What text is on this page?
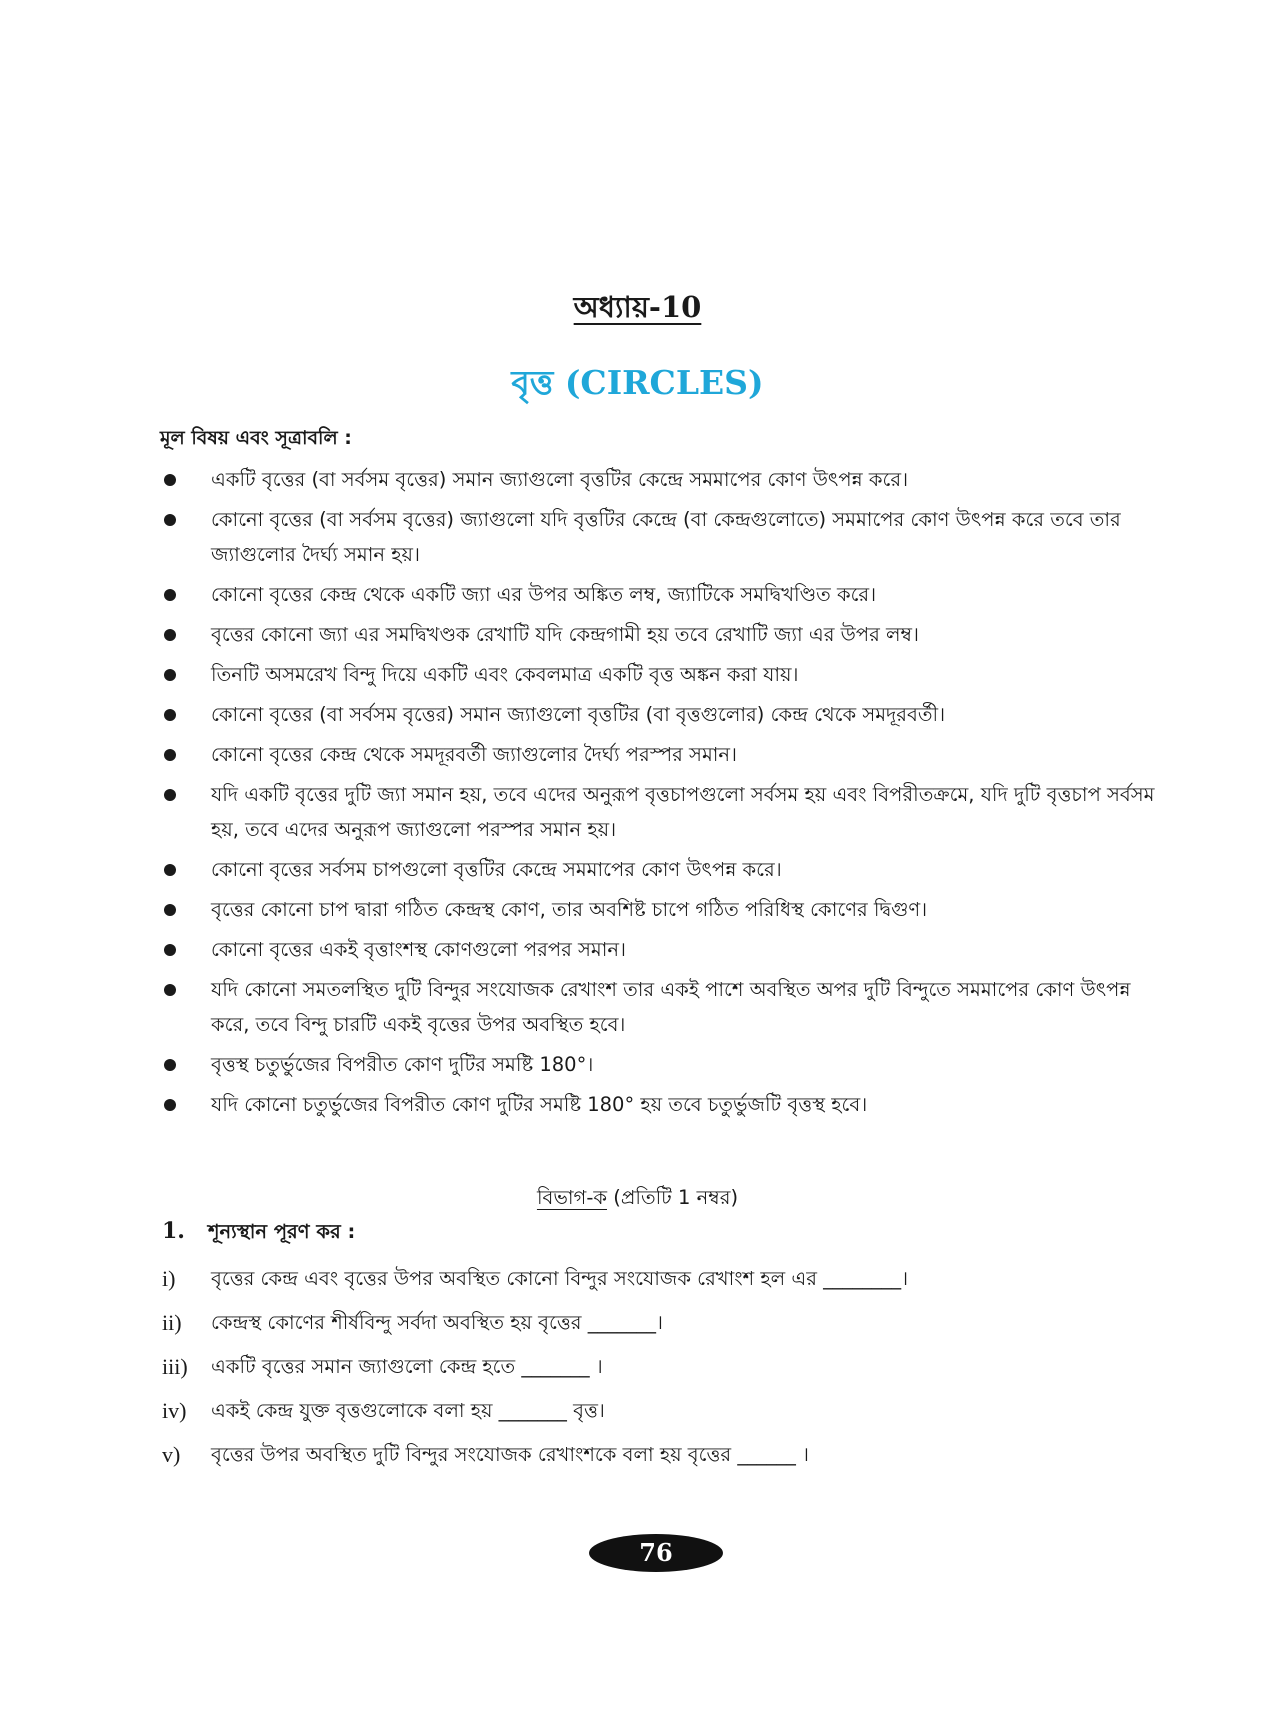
অধ্যায়-10
বৃত্ত (CIRCLES)
মূল বিষয় এবং সূত্রাবলি :
একটি বৃত্তের (বা সর্বসম বৃত্তের) সমান জ্যাগুলো বৃত্তটির কেন্দ্রে সমমাপের কোণ উৎপন্ন করে।
কোনো বৃত্তের (বা সর্বসম বৃত্তের) জ্যাগুলো যদি বৃত্তটির কেন্দ্রে (বা কেন্দ্রগুলোতে) সমমাপের কোণ উৎপন্ন করে তবে তার জ্যাগুলোর দৈর্ঘ্য সমান হয়।
কোনো বৃত্তের কেন্দ্র থেকে একটি জ্যা এর উপর অঙ্কিত লম্ব, জ্যাটিকে সমদ্বিখণ্ডিত করে।
বৃত্তের কোনো জ্যা এর সমদ্বিখণ্ডক রেখাটি যদি কেন্দ্রগামী হয় তবে রেখাটি জ্যা এর উপর লম্ব।
তিনটি অসমরেখ বিন্দু দিয়ে একটি এবং কেবলমাত্র একটি বৃত্ত অঙ্কন করা যায়।
কোনো বৃত্তের (বা সর্বসম বৃত্তের) সমান জ্যাগুলো বৃত্তটির (বা বৃত্তগুলোর) কেন্দ্র থেকে সমদূরবর্তী।
কোনো বৃত্তের কেন্দ্র থেকে সমদূরবর্তী জ্যাগুলোর দৈর্ঘ্য পরস্পর সমান।
যদি একটি বৃত্তের দুটি জ্যা সমান হয়, তবে এদের অনুরূপ বৃত্তচাপগুলো সর্বসম হয় এবং বিপরীতক্রমে, যদি দুটি বৃত্তচাপ সর্বসম হয়, তবে এদের অনুরূপ জ্যাগুলো পরস্পর সমান হয়।
কোনো বৃত্তের সর্বসম চাপগুলো বৃত্তটির কেন্দ্রে সমমাপের কোণ উৎপন্ন করে।
বৃত্তের কোনো চাপ দ্বারা গঠিত কেন্দ্রস্থ কোণ, তার অবশিষ্ট চাপে গঠিত পরিধিস্থ কোণের দ্বিগুণ।
কোনো বৃত্তের একই বৃত্তাংশস্থ কোণগুলো পরপর সমান।
যদি কোনো সমতলস্থিত দুটি বিন্দুর সংযোজক রেখাংশ তার একই পাশে অবস্থিত অপর দুটি বিন্দুতে সমমাপের কোণ উৎপন্ন করে, তবে বিন্দু চারটি একই বৃত্তের উপর অবস্থিত হবে।
বৃত্তস্থ চতুর্ভুজের বিপরীত কোণ দুটির সমষ্টি 180°।
যদি কোনো চতুর্ভুজের বিপরীত কোণ দুটির সমষ্টি 180° হয় তবে চতুর্ভুজটি বৃত্তস্থ হবে।
বিভাগ-ক (প্রতিটি 1 নম্বর)
1. শূন্যস্থান পূরণ কর :
i) বৃত্তের কেন্দ্র এবং বৃত্তের উপর অবস্থিত কোনো বিন্দুর সংযোজক রেখাংশ হল এর ________।
ii) কেন্দ্রস্থ কোণের শীর্ষবিন্দু সর্বদা অবস্থিত হয় বৃত্তের _______।
iii) একটি বৃত্তের সমান জ্যাগুলো কেন্দ্র হতে _______ ।
iv) একই কেন্দ্র যুক্ত বৃত্তগুলোকে বলা হয় _______ বৃত্ত।
v) বৃত্তের উপর অবস্থিত দুটি বিন্দুর সংযোজক রেখাংশকে বলা হয় বৃত্তের ______ ।
76
